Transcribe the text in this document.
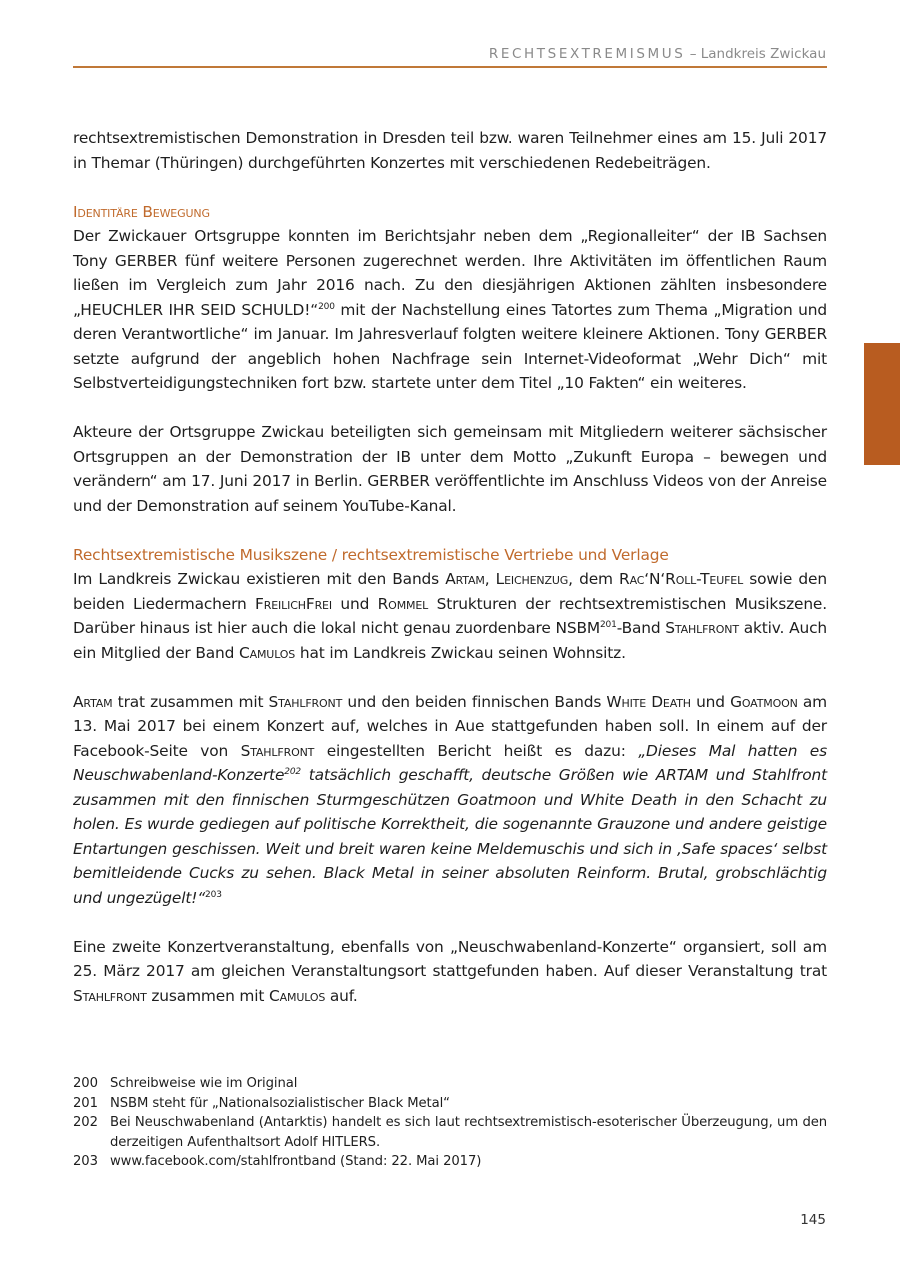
RECHTSEXTREMISMUS – Landkreis Zwickau

rechtsextremistischen Demonstration in Dresden teil bzw. waren Teilnehmer eines am 15. Juli 2017 in Themar (Thüringen) durchgeführten Konzertes mit verschiedenen Redebeiträgen.

Identitäre Bewegung

Der Zwickauer Ortsgruppe konnten im Berichtsjahr neben dem „Regionalleiter“ der IB Sachsen Tony GERBER fünf weitere Personen zugerechnet werden. Ihre Aktivitäten im öffentlichen Raum ließen im Vergleich zum Jahr 2016 nach. Zu den diesjährigen Aktionen zählten insbesondere „HEUCHLER IHR SEID SCHULD!“$^{200}$ mit der Nachstellung eines Tatortes zum Thema „Migration und deren Verantwortliche“ im Januar. Im Jahresverlauf folgten weitere kleinere Aktionen. Tony GERBER setzte aufgrund der angeblich hohen Nachfrage sein Internet-Videoformat „Wehr Dich“ mit Selbstverteidigungstechniken fort bzw. startete unter dem Titel „10 Fakten“ ein weiteres.

Akteure der Ortsgruppe Zwickau beteiligten sich gemeinsam mit Mitgliedern weiterer sächsischer Ortsgruppen an der Demonstration der IB unter dem Motto „Zukunft Europa – bewegen und verändern“ am 17. Juni 2017 in Berlin. GERBER veröffentlichte im Anschluss Videos von der Anreise und der Demonstration auf seinem YouTube-Kanal.

Rechtsextremistische Musikszene / rechtsextremistische Vertriebe und Verlage

Im Landkreis Zwickau existieren mit den Bands Artam, Leichenzug, dem Rac‘N‘Roll-Teufel sowie den beiden Liedermachern FreilichFrei und Rommel Strukturen der rechtsextremistischen Musikszene. Darüber hinaus ist hier auch die lokal nicht genau zuordenbare NSBM$^{201}$-Band Stahlfront aktiv. Auch ein Mitglied der Band Camulos hat im Landkreis Zwickau seinen Wohnsitz.

Artam trat zusammen mit Stahlfront und den beiden finnischen Bands White Death und Goatmoon am 13. Mai 2017 bei einem Konzert auf, welches in Aue stattgefunden haben soll. In einem auf der Facebook-Seite von Stahlfront eingestellten Bericht heißt es dazu: „Dieses Mal hatten es Neuschwabenland-Konzerte$^{202}$ tatsächlich geschafft, deutsche Größen wie ARTAM und Stahlfront zusammen mit den finnischen Sturmgeschützen Goatmoon und White Death in den Schacht zu holen. Es wurde gediegen auf politische Korrektheit, die sogenannte Grauzone und andere geistige Entartungen geschissen. Weit und breit waren keine Meldemuschis und sich in ‚Safe spaces‘ selbst bemitleidende Cucks zu sehen. Black Metal in seiner absoluten Reinform. Brutal, grobschlächtig und ungezügelt!“$^{203}$

Eine zweite Konzertveranstaltung, ebenfalls von „Neuschwabenland-Konzerte“ organsiert, soll am 25. März 2017 am gleichen Veranstaltungsort stattgefunden haben. Auf dieser Veranstaltung trat Stahlfront zusammen mit Camulos auf.

200 Schreibweise wie im Original
201 NSBM steht für „Nationalsozialistischer Black Metal“
202 Bei Neuschwabenland (Antarktis) handelt es sich laut rechtsextremistisch-esoterischer Überzeugung, um den derzeitigen Aufenthaltsort Adolf HITLERS.
203 www.facebook.com/stahlfrontband (Stand: 22. Mai 2017)
145
